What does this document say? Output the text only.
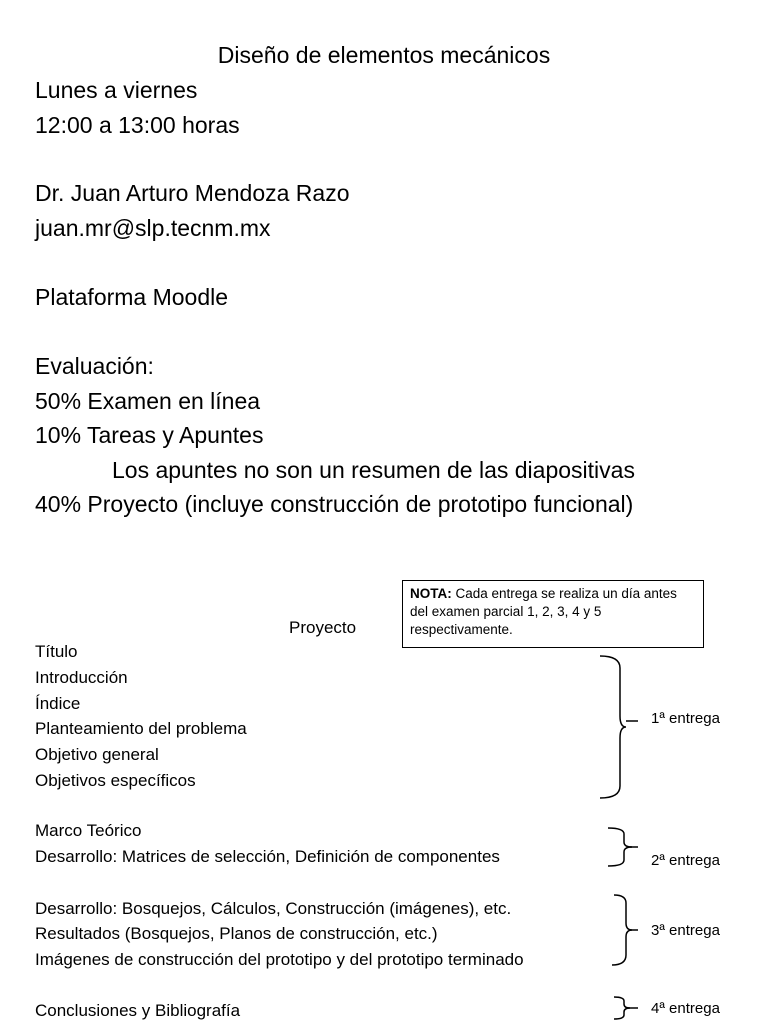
Diseño de elementos mecánicos
Lunes a viernes
12:00 a 13:00 horas
Dr. Juan Arturo Mendoza Razo
juan.mr@slp.tecnm.mx
Plataforma Moodle
Evaluación:
50% Examen en línea
10% Tareas y Apuntes
Los apuntes no son un resumen de las diapositivas
40% Proyecto (incluye construcción de prototipo funcional)
NOTA: Cada entrega se realiza un día antes del examen parcial 1, 2, 3, 4 y 5 respectivamente.
Proyecto
Título
Introducción
Índice
Planteamiento del problema
Objetivo general
Objetivos específicos
1ª entrega
Marco Teórico
Desarrollo: Matrices de selección, Definición de componentes	2ª entrega
Desarrollo: Bosquejos, Cálculos, Construcción (imágenes), etc.
Resultados (Bosquejos, Planos de construcción, etc.)
Imágenes de construcción del prototipo y del prototipo terminado
3ª entrega
Conclusiones y Bibliografía	4ª entrega
